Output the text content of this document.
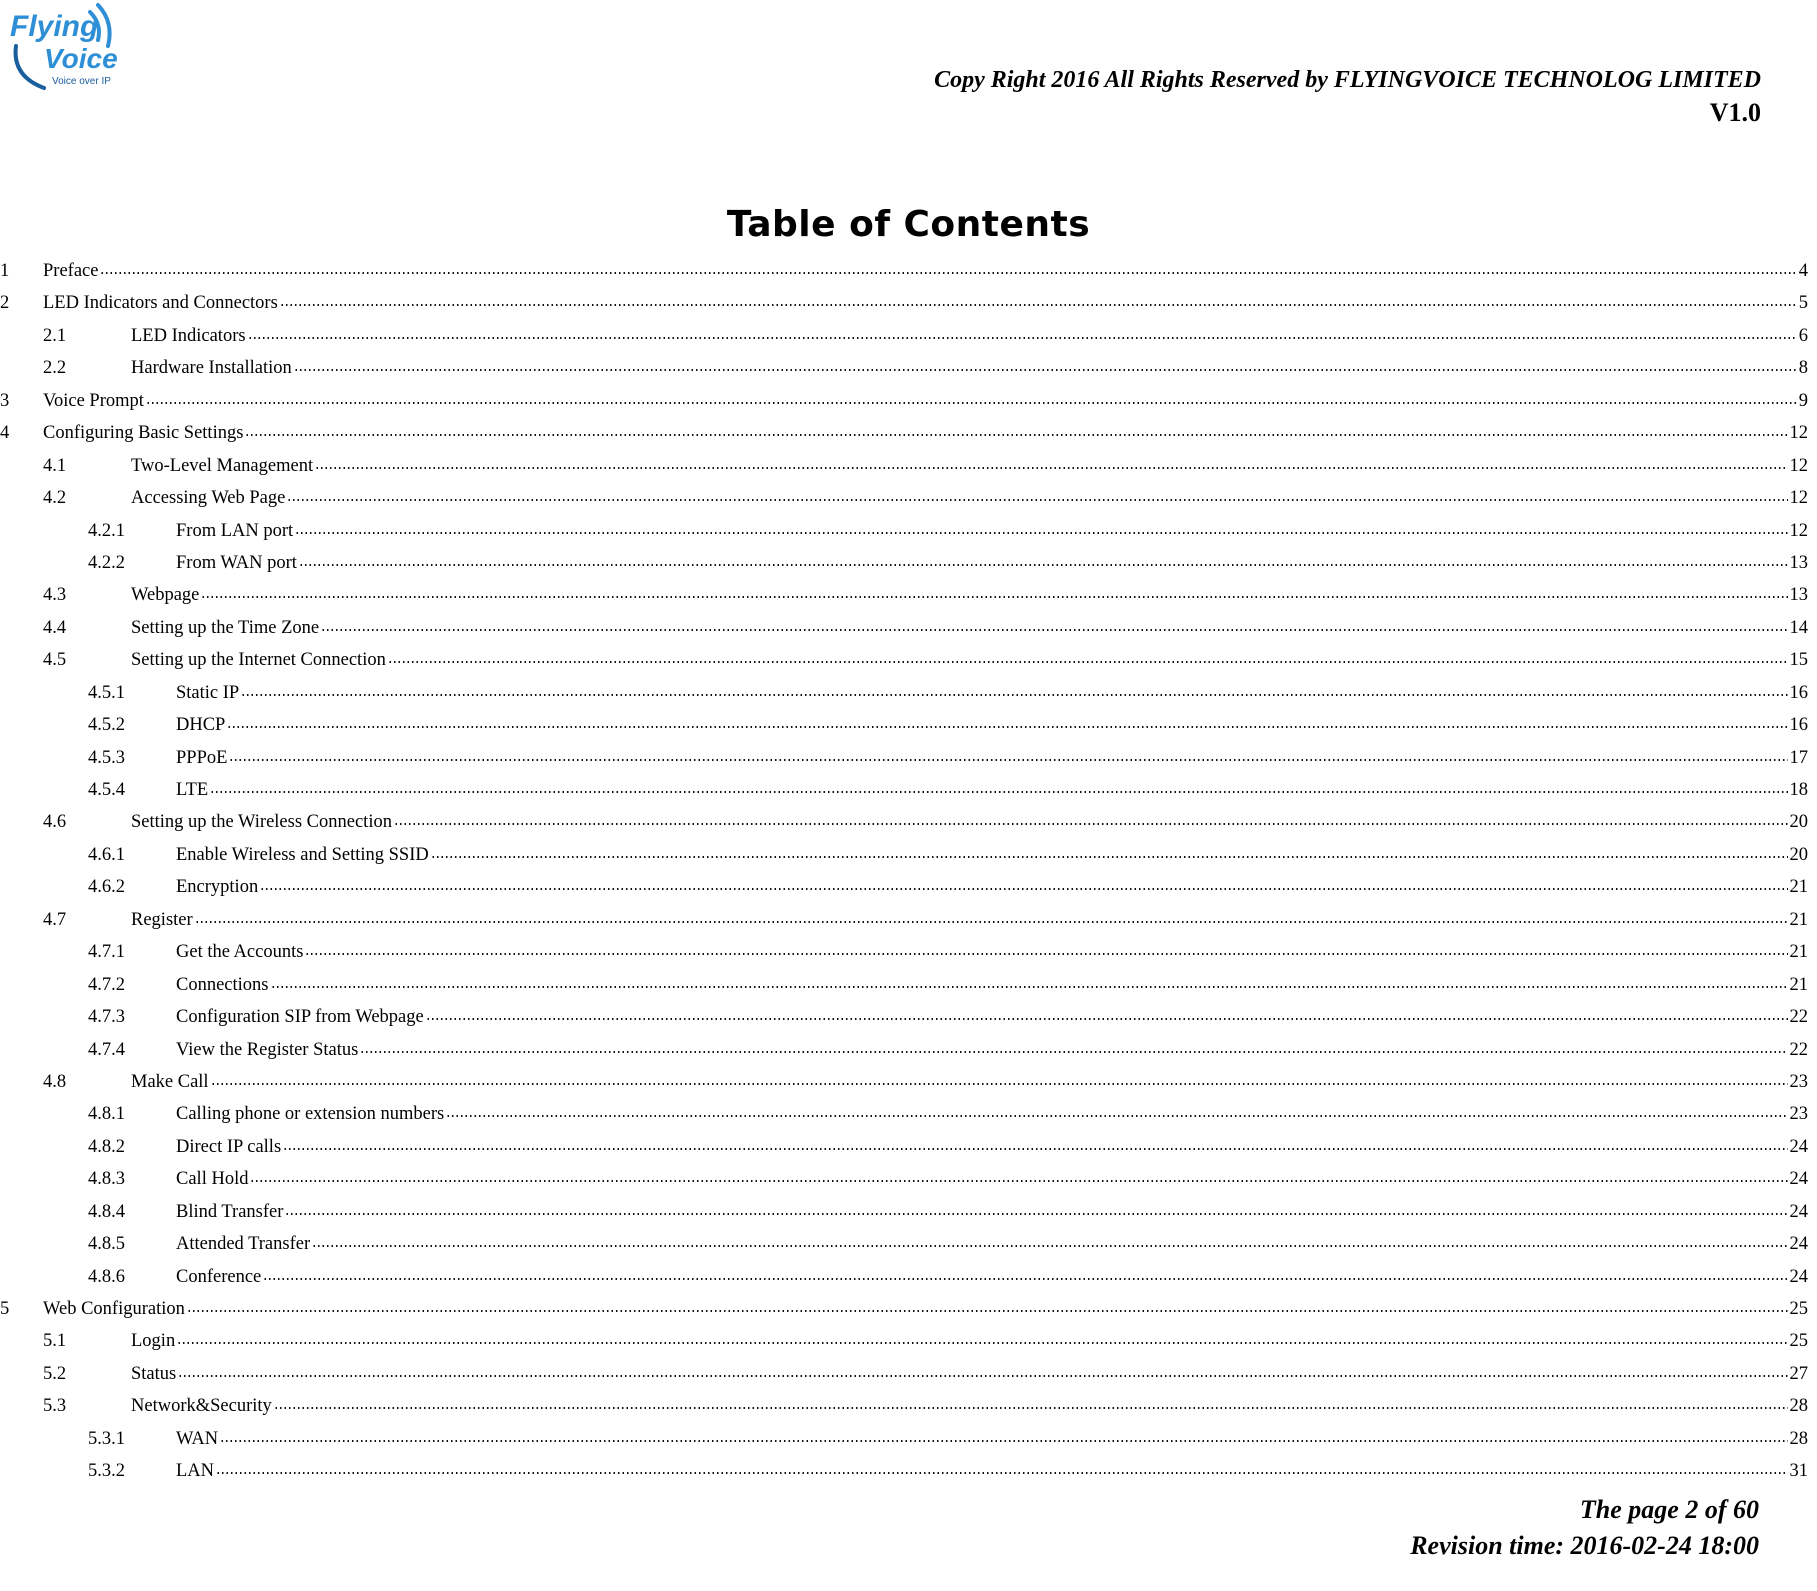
Flying
Voice
Voice over IP	Copy Right 2016 All Rights Reserved by FLYINGVOICE TECHNOLOG LIMITED
V1.0
Table of Contents
1	Preface	4
2	LED Indicators and Connectors	5
2.1	LED Indicators	6
2.2	Hardware Installation	8
3	Voice Prompt	9
4	Configuring Basic Settings	12
4.1	Two-Level Management	12
4.2	Accessing Web Page	12
4.2.1	From LAN port	12
4.2.2	From WAN port	13
4.3	Webpage	13
4.4	Setting up the Time Zone	14
4.5	Setting up the Internet Connection	15
4.5.1	Static IP	16
4.5.2	DHCP	16
4.5.3	PPPoE	17
4.5.4	LTE	18
4.6	Setting up the Wireless Connection	20
4.6.1	Enable Wireless and Setting SSID	20
4.6.2	Encryption	21
4.7	Register	21
4.7.1	Get the Accounts	21
4.7.2	Connections	21
4.7.3	Configuration SIP from Webpage	22
4.7.4	View the Register Status	22
4.8	Make Call	23
4.8.1	Calling phone or extension numbers	23
4.8.2	Direct IP calls	24
4.8.3	Call Hold	24
4.8.4	Blind Transfer	24
4.8.5	Attended Transfer	24
4.8.6	Conference	24
5	Web Configuration	25
5.1	Login	25
5.2	Status	27
5.3	Network&Security	28
5.3.1	WAN	28
5.3.2	LAN	31
The page 2 of 60
Revision time: 2016-02-24 18:00
